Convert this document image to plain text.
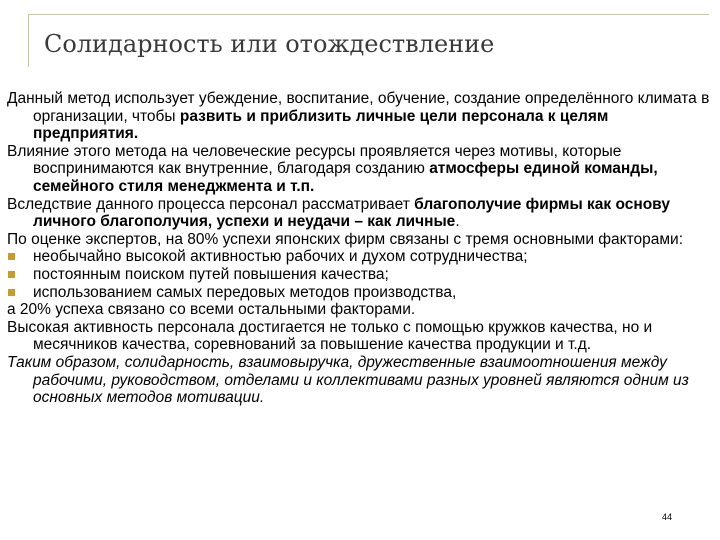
Солидарность или отождествление

Данный метод использует убеждение, воспитание, обучение, создание определённого климата в организации, чтобы развить и приблизить личные цели персонала к целям предприятия.

Влияние этого метода на человеческие ресурсы проявляется через мотивы, которые воспринимаются как внутренние, благодаря созданию атмосферы единой команды, семейного стиля менеджмента и т.п.

Вследствие данного процесса персонал рассматривает благополучие фирмы как основу личного благополучия, успехи и неудачи – как личные.

По оценке экспертов, на 80% успехи японских фирм связаны с тремя основными факторами:

необычайно высокой активностью рабочих и духом сотрудничества;

постоянным поиском путей повышения качества;

использованием самых передовых методов производства,

а 20% успеха связано со всеми остальными факторами.

Высокая активность персонала достигается не только с помощью кружков качества, но и месячников качества, соревнований за повышение качества продукции и т.д.

Таким образом, солидарность, взаимовыручка, дружественные взаимоотношения между рабочими, руководством, отделами и коллективами разных уровней являются одним из основных методов мотивации.

44
